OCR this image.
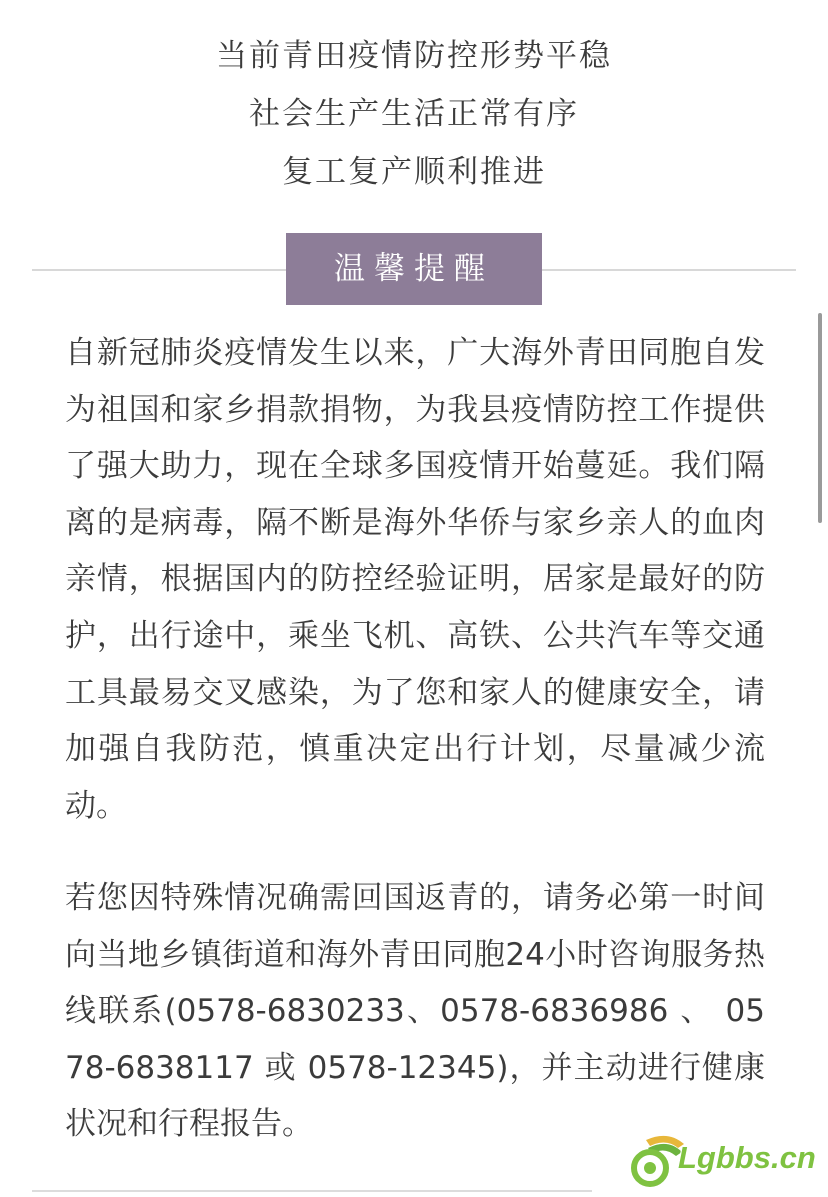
当前青田疫情防控形势平稳
社会生产生活正常有序
复工复产顺利推进
温馨提醒

自新冠肺炎疫情发生以来，广大海外青田同胞自发为祖国和家乡捐款捐物，为我县疫情防控工作提供了强大助力，现在全球多国疫情开始蔓延。我们隔离的是病毒，隔不断是海外华侨与家乡亲人的血肉亲情，根据国内的防控经验证明，居家是最好的防护，出行途中，乘坐飞机、高铁、公共汽车等交通工具最易交叉感染，为了您和家人的健康安全，请加强自我防范，慎重决定出行计划，尽量减少流动。

若您因特殊情况确需回国返青的，请务必第一时间向当地乡镇街道和海外青田同胞24小时咨询服务热线联系(0578-6830233、0578-6836986 、 0578-6838117 或 0578-12345)，并主动进行健康状况和行程报告。

Lgbbs.cn
